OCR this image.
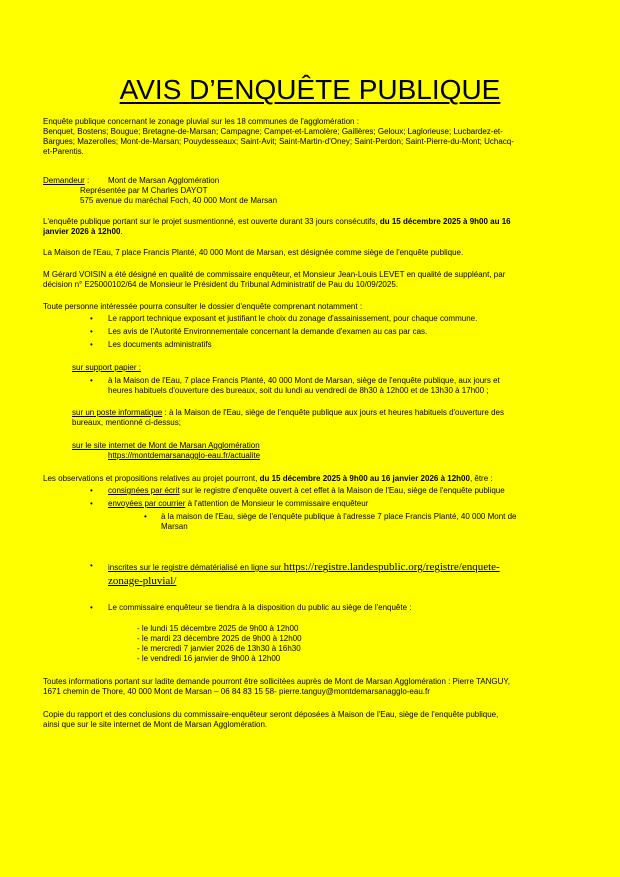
AVIS D’ENQUÊTE PUBLIQUE
Enquête publique concernant le zonage pluvial sur les 18 communes de l'agglomération :
Benquet, Bostens; Bougue; Bretagne-de-Marsan; Campagne; Campet-et-Lamolère; Gaillères; Geloux; Laglorieuse; Lucbardez-et-
Bargues; Mazerolles; Mont-de-Marsan; Pouydesseaux; Saint-Avit; Saint-Martin-d'Oney; Saint-Perdon; Saint-Pierre-du-Mont; Uchacq-
et-Parentis.
Demandeur : Mont de Marsan Agglomération
Représentée par M Charles DAYOT
575 avenue du maréchal Foch, 40 000 Mont de Marsan
L'enquête publique portant sur le projet susmentionné, est ouverte durant 33 jours consécutifs, du 15 décembre 2025 à 9h00 au 16
janvier 2026 à 12h00.
La Maison de l'Eau, 7 place Francis Planté, 40 000 Mont de Marsan, est désignée comme siège de l'enquête publique.
M Gérard VOISIN a été désigné en qualité de commissaire enquêteur, et Monsieur Jean-Louis LEVET en qualité de suppléant, par
décision n° E25000102/64 de Monsieur le Président du Tribunal Administratif de Pau du 10/09/2025.
Toute personne intéressée pourra consulter le dossier d'enquête comprenant notamment :
• Le rapport technique exposant et justifiant le choix du zonage d'assainissement, pour chaque commune.
• Les avis de l'Autorité Environnementale concernant la demande d'examen au cas par cas.
• Les documents administratifs
sur support papier :
• à la Maison de l'Eau, 7 place Francis Planté, 40 000 Mont de Marsan, siège de l'enquête publique, aux jours et
heures habituels d'ouverture des bureaux, soit du lundi au vendredi de 8h30 à 12h00 et de 13h30 à 17h00 ;
sur un poste informatique : à la Maison de l'Eau, siège de l'enquête publique aux jours et heures habituels d'ouverture des
bureaux, mentionné ci-dessus;
sur le site internet de Mont de Marsan Agglomération
https://montdemarsanagglo-eau.fr/actualite
Les observations et propositions relatives au projet pourront, du 15 décembre 2025 à 9h00 au 16 janvier 2026 à 12h00, être :
• consignées par écrit sur le registre d'enquête ouvert à cet effet à la Maison de l'Eau, siège de l'enquête publique
• envoyées par courrier à l'attention de Monsieur le commissaire enquêteur
• à la maison de l'Eau, siège de l'enquête publique à l'adresse 7 place Francis Planté, 40 000 Mont de
Marsan
• inscrites sur le registre dématérialisé en ligne sur https://registre.landespublic.org/registre/enquete-
zonage-pluvial/
• Le commissaire enquêteur se tiendra à la disposition du public au siège de l'enquête :
- le lundi 15 décembre 2025 de 9h00 à 12h00
- le mardi 23 décembre 2025 de 9h00 à 12h00
- le mercredi 7 janvier 2026 de 13h30 à 16h30
- le vendredi 16 janvier de 9h00 à 12h00
Toutes informations portant sur ladite demande pourront être sollicitées auprès de Mont de Marsan Agglomération : Pierre TANGUY,
1671 chemin de Thore, 40 000 Mont de Marsan – 06 84 83 15 58- pierre.tanguy@montdemarsanagglo-eau.fr
Copie du rapport et des conclusions du commissaire-enquêteur seront déposées à Maison de l'Eau, siège de l'enquête publique,
ainsi que sur le site internet de Mont de Marsan Agglomération.
